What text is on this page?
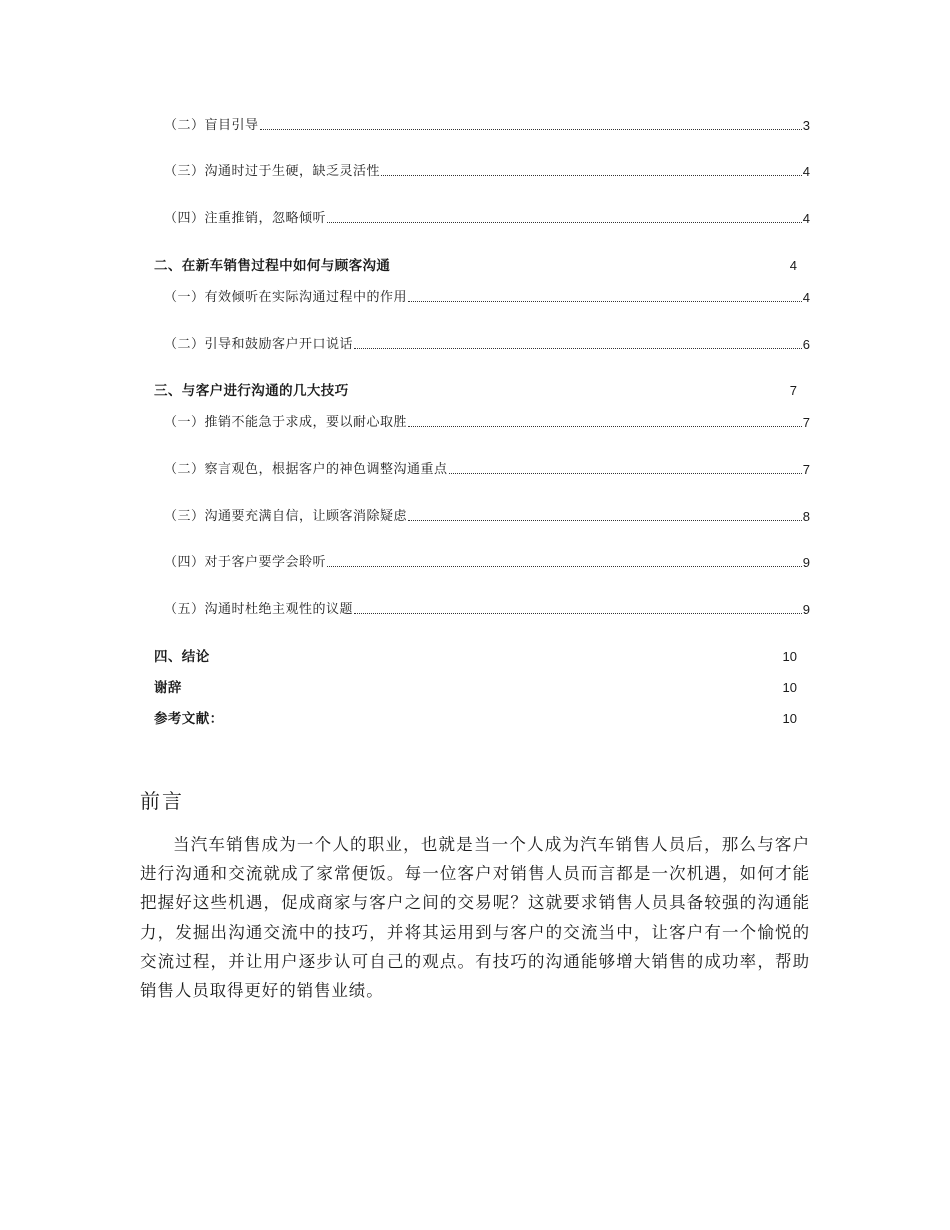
（二）盲目引导	3
（三）沟通时过于生硬，缺乏灵活性	4
（四）注重推销，忽略倾听	4
二、在新车销售过程中如何与顾客沟通	4
（一）有效倾听在实际沟通过程中的作用	4
（二）引导和鼓励客户开口说话	6
三、与客户进行沟通的几大技巧	7
（一）推销不能急于求成，要以耐心取胜	7
（二）察言观色，根据客户的神色调整沟通重点	7
（三）沟通要充满自信，让顾客消除疑虑	8
（四）对于客户要学会聆听	9
（五）沟通时杜绝主观性的议题	9
四、结论	10
谢辞	10
参考文献：	10
前言

当汽车销售成为一个人的职业，也就是当一个人成为汽车销售人员后，那么与客户进行沟通和交流就成了家常便饭。每一位客户对销售人员而言都是一次机遇，如何才能把握好这些机遇，促成商家与客户之间的交易呢？这就要求销售人员具备较强的沟通能力，发掘出沟通交流中的技巧，并将其运用到与客户的交流当中，让客户有一个愉悦的交流过程，并让用户逐步认可自己的观点。有技巧的沟通能够增大销售的成功率，帮助销售人员取得更好的销售业绩。
